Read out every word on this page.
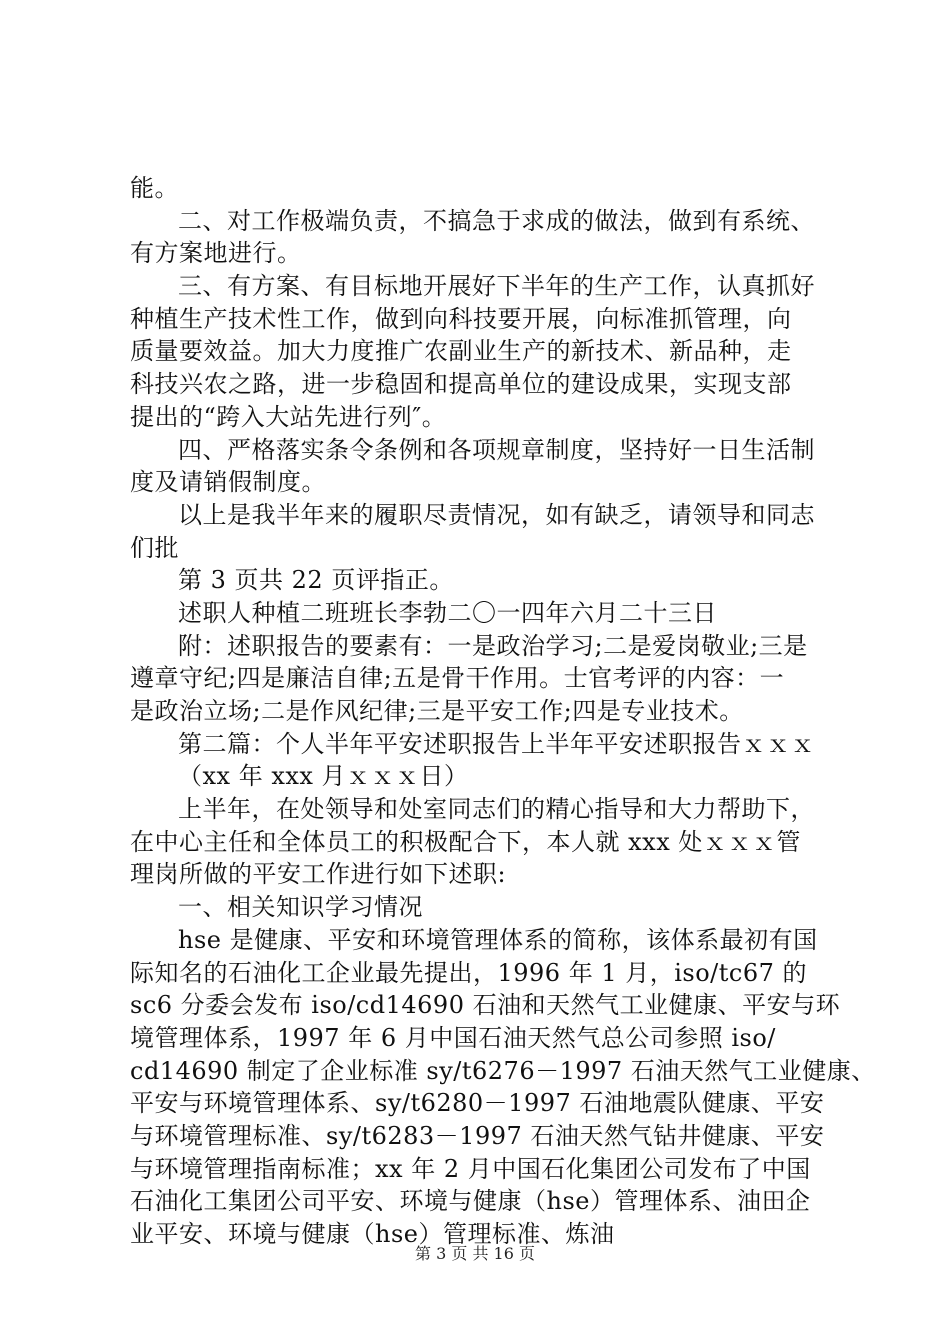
能。
二、对工作极端负责，不搞急于求成的做法，做到有系统、
有方案地进行。
三、有方案、有目标地开展好下半年的生产工作，认真抓好
种植生产技术性工作，做到向科技要开展，向标准抓管理，向
质量要效益。加大力度推广农副业生产的新技术、新品种，走
科技兴农之路，进一步稳固和提高单位的建设成果，实现支部
提出的“跨入大站先进行列″。
四、严格落实条令条例和各项规章制度，坚持好一日生活制
度及请销假制度。
以上是我半年来的履职尽责情况，如有缺乏，请领导和同志
们批
第 3 页共 22 页评指正。
述职人种植二班班长李勃二〇一四年六月二十三日
附：述职报告的要素有：一是政治学习;二是爱岗敬业;三是
遵章守纪;四是廉洁自律;五是骨干作用。士官考评的内容：一
是政治立场;二是作风纪律;三是平安工作;四是专业技术。
第二篇：个人半年平安述职报告上半年平安述职报告ｘｘｘ
（xx 年 xxx 月ｘｘｘ日）
上半年，在处领导和处室同志们的精心指导和大力帮助下，
在中心主任和全体员工的积极配合下，本人就 xxx 处ｘｘｘ管
理岗所做的平安工作进行如下述职:
一、相关知识学习情况
hse 是健康、平安和环境管理体系的简称，该体系最初有国
际知名的石油化工企业最先提出，1996 年 1 月，iso/tc67 的
sc6 分委会发布 iso/cd14690 石油和天然气工业健康、平安与环
境管理体系，1997 年 6 月中国石油天然气总公司参照 iso/
cd14690 制定了企业标准 sy/t6276－1997 石油天然气工业健康、
平安与环境管理体系、sy/t6280－1997 石油地震队健康、平安
与环境管理标准、sy/t6283－1997 石油天然气钻井健康、平安
与环境管理指南标准；xx 年 2 月中国石化集团公司发布了中国
石油化工集团公司平安、环境与健康（hse）管理体系、油田企
业平安、环境与健康（hse）管理标准、炼油
第 3 页 共 16 页
